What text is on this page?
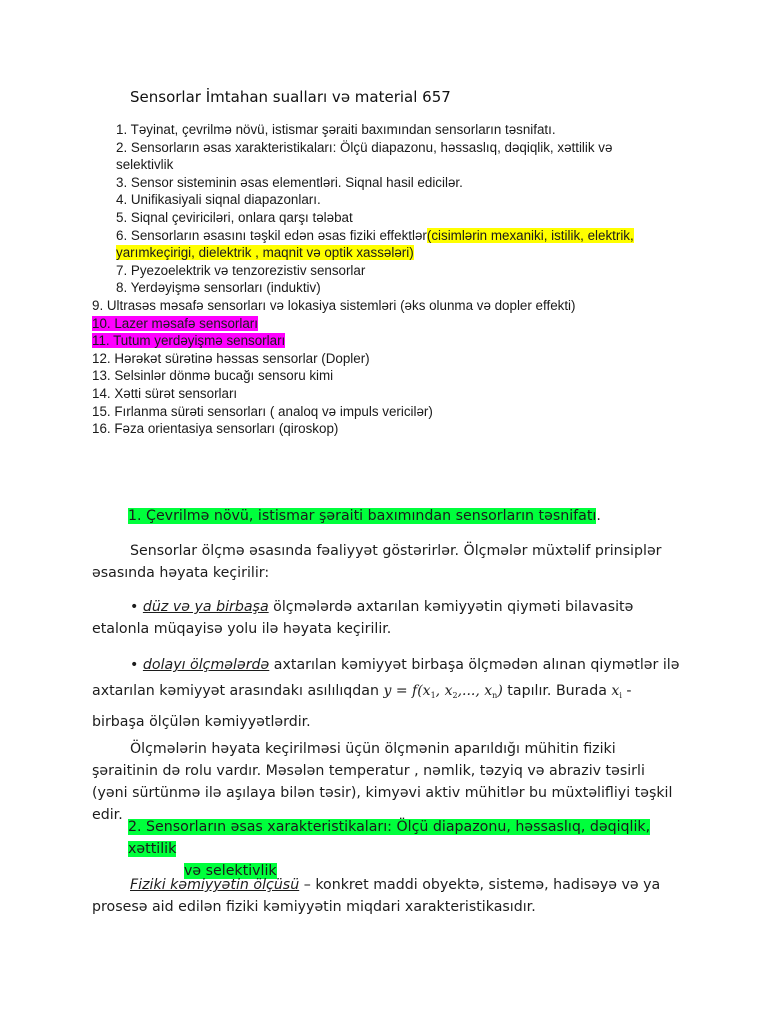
Sensorlar İmtahan sualları və material 657
1. Təyinat, çevrilmə növü, istismar şəraiti baxımından sensorların təsnifatı.
2. Sensorların əsas xarakteristikaları: Ölçü diapazonu, həssaslıq, dəqiqlik, xəttilik və
selektivlik
3. Sensor sisteminin əsas elementləri. Siqnal hasil edicilər.
4. Unifikasiyali siqnal diapazonları.
5. Siqnal çeviriciləri, onlara qarşı tələbat
6. Sensorların əsasını təşkil edən əsas fiziki effektlər(cisimlərin mexaniki, istilik, elektrik,
yarımkeçirigi, dielektrik , maqnit və optik xassələri)
7. Pyezoelektrik və tenzorezistiv sensorlar
8. Yerdəyişmə sensorları (induktiv)
9. Ultrasəs məsafə sensorları və lokasiya sistemləri (əks olunma və dopler effekti)
10. Lazer məsafə sensorları
11. Tutum yerdəyişmə sensorları
12. Hərəkət sürətinə həssas sensorlar (Dopler)
13. Selsinlər dönmə bucağı sensoru kimi
14. Xətti sürət sensorları
15. Fırlanma sürəti sensorları ( analoq və impuls vericilər)
16. Fəza orientasiya sensorları (qiroskop)
1. Çevrilmə növü, istismar şəraiti baxımından sensorların təsnifatı.
Sensorlar ölçmə əsasında fəaliyyət göstərirlər. Ölçmələr müxtəlif prinsiplər əsasında həyata keçirilir:
• düz və ya birbaşa ölçmələrdə axtarılan kəmiyyətin qiyməti bilavasitə etalonla müqayisə yolu ilə həyata keçirilir.
• dolayı ölçmələrdə axtarılan kəmiyyət birbaşa ölçmədən alınan qiymətlər ilə axtarılan kəmiyyət arasındakı asılılıqdan $y = f(x_1$, $x_2$,..., $x_n$) tapılır. Burada $x_i$ - birbaşa ölçülən kəmiyyətlərdir.
Ölçmələrin həyata keçirilməsi üçün ölçmənin aparıldığı mühitin fiziki şəraitinin də rolu vardır. Məsələn temperatur , nəmlik, təzyiq və abraziv təsirli (yəni sürtünmə ilə aşılaya bilən təsir), kimyəvi aktiv mühitlər bu müxtəlifliyi təşkil edir.
2. Sensorların əsas xarakteristikaları: Ölçü diapazonu, həssaslıq, dəqiqlik, xəttilik
və selektivlik
Fiziki kəmiyyətin ölçüsü – konkret maddi obyektə, sistemə, hadisəyə və ya prosesə aid edilən fiziki kəmiyyətin miqdari xarakteristikasıdır.
